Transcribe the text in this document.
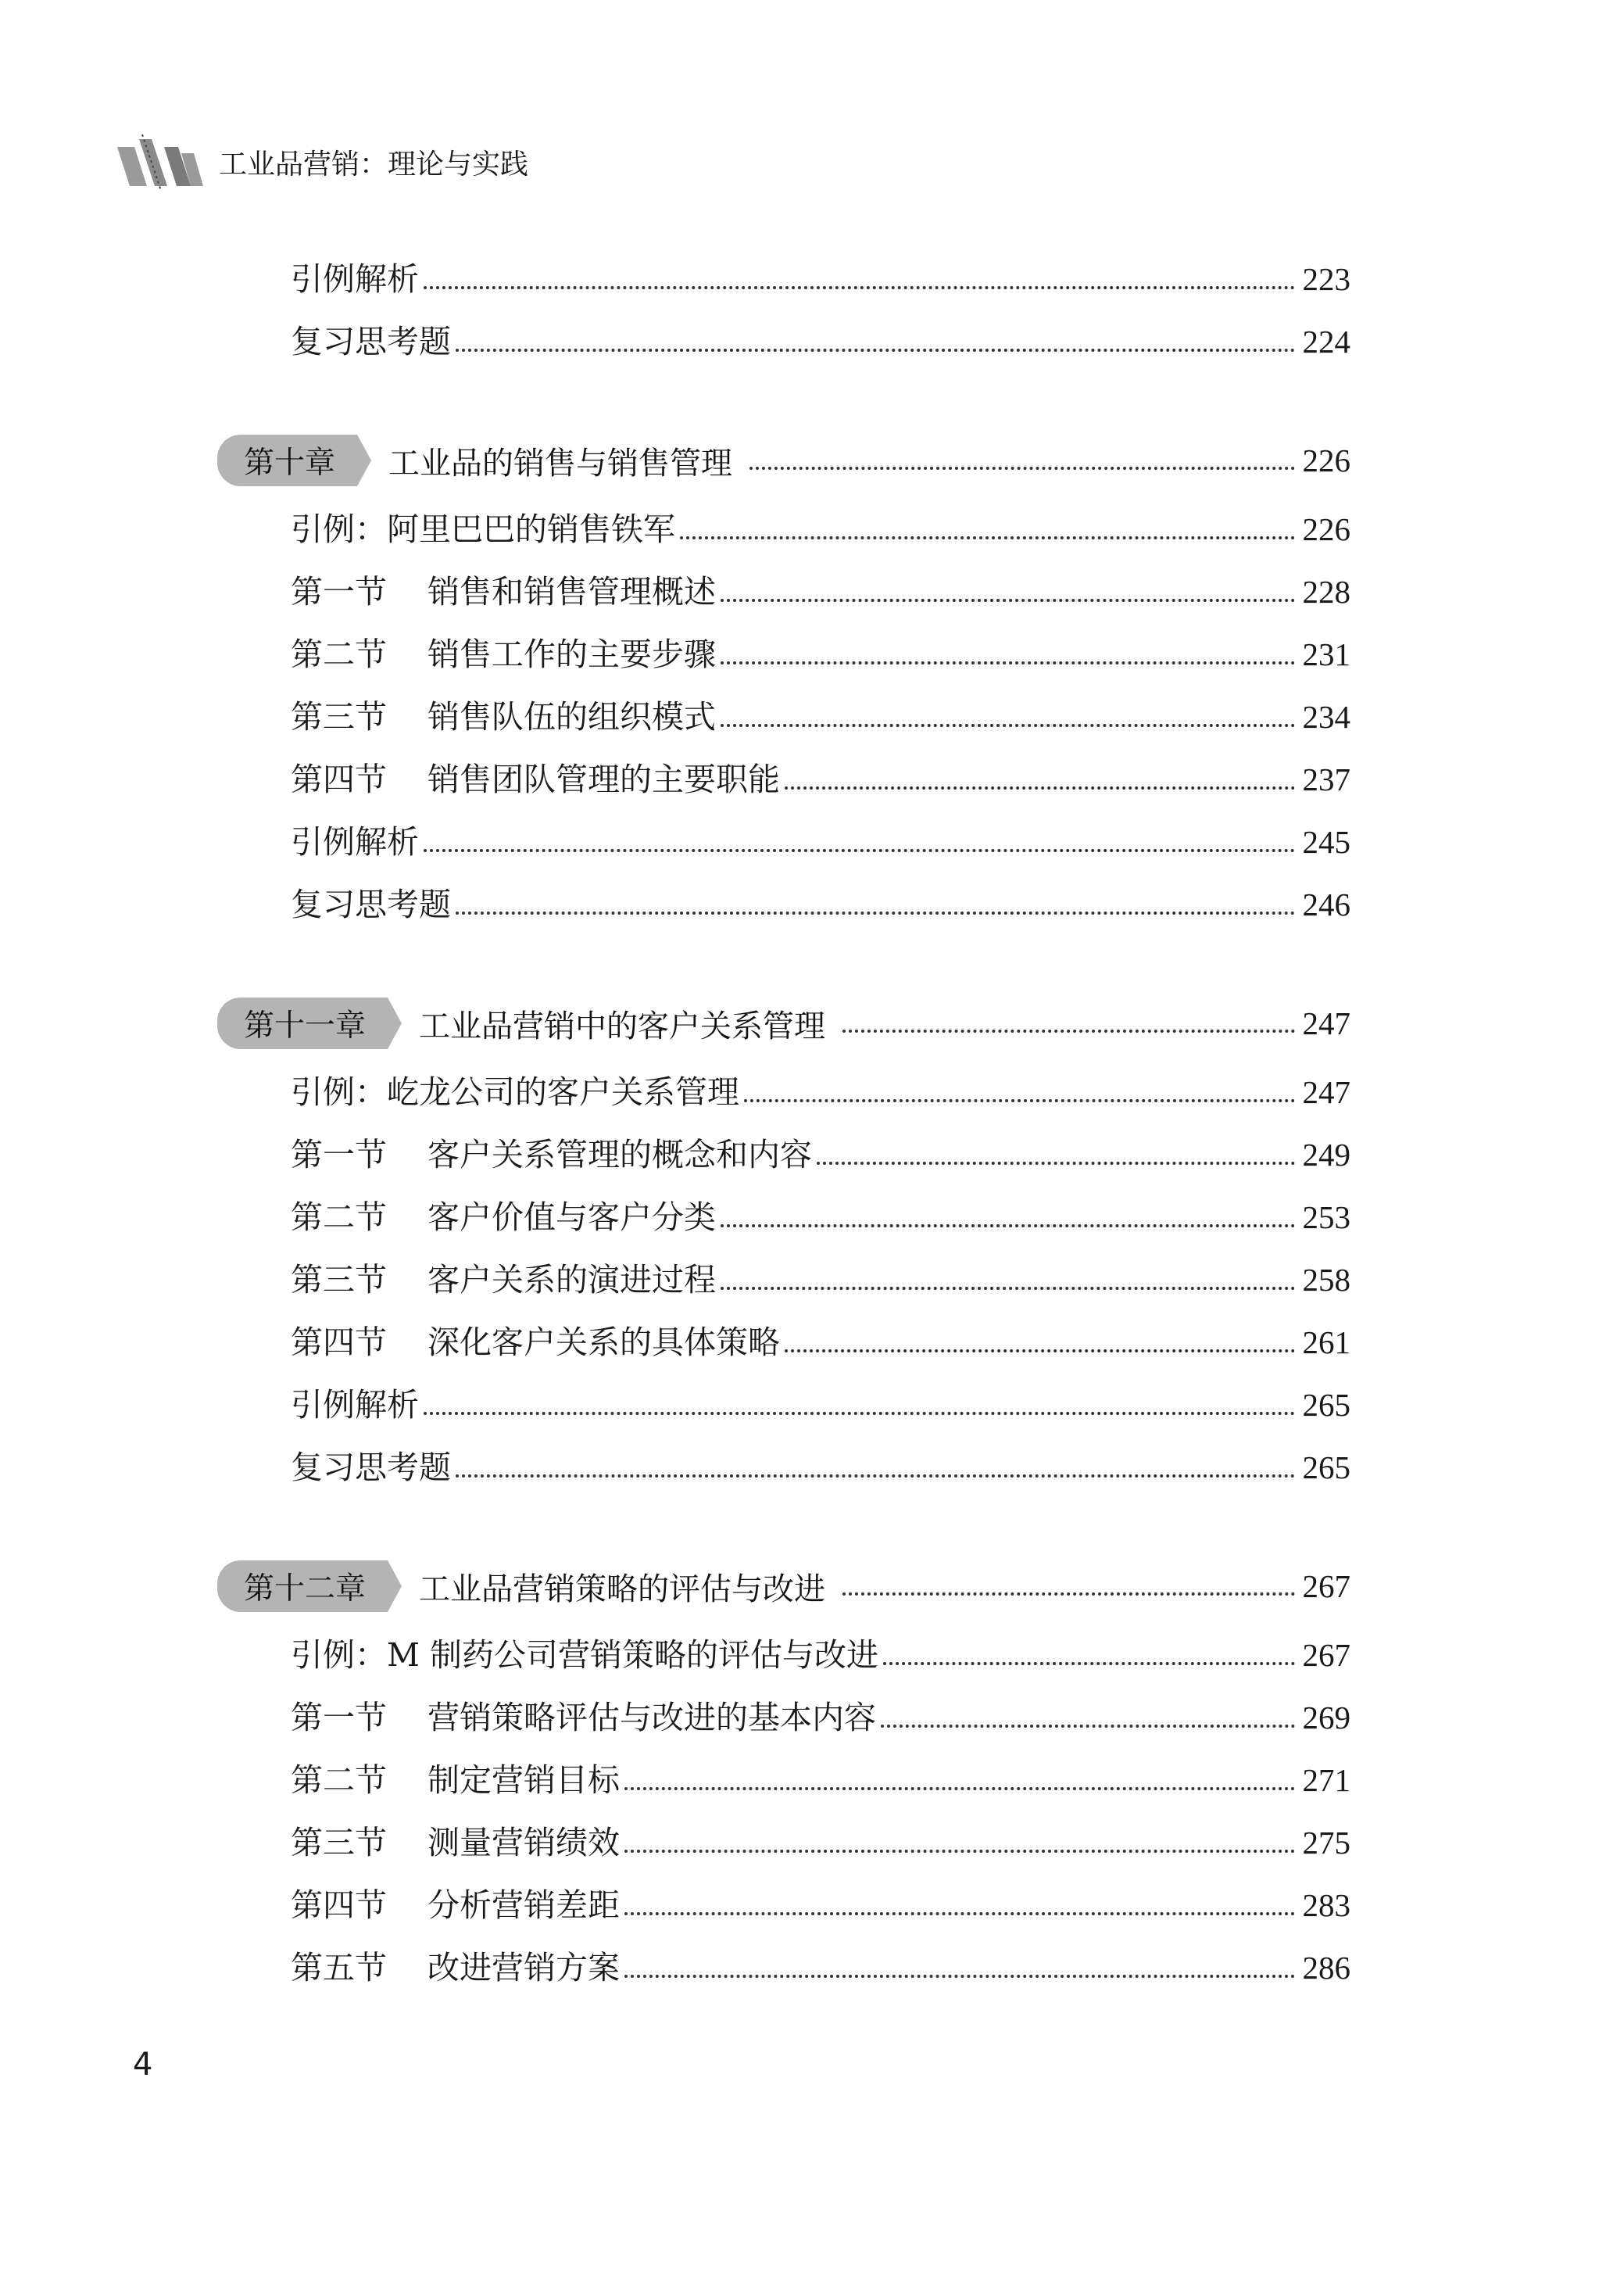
工业品营销：理论与实践
引例解析	223
复习思考题	224
第十章	工业品的销售与销售管理	226
引例：阿里巴巴的销售铁军	226
第一节 销售和销售管理概述	228
第二节 销售工作的主要步骤	231
第三节 销售队伍的组织模式	234
第四节 销售团队管理的主要职能	237
引例解析	245
复习思考题	246
第十一章	工业品营销中的客户关系管理	247
引例：屹龙公司的客户关系管理	247
第一节 客户关系管理的概念和内容	249
第二节 客户价值与客户分类	253
第三节 客户关系的演进过程	258
第四节 深化客户关系的具体策略	261
引例解析	265
复习思考题	265
第十二章	工业品营销策略的评估与改进	267
引例：M 制药公司营销策略的评估与改进	267
第一节 营销策略评估与改进的基本内容	269
第二节 制定营销目标	271
第三节 测量营销绩效	275
第四节 分析营销差距	283
第五节 改进营销方案	286
4
